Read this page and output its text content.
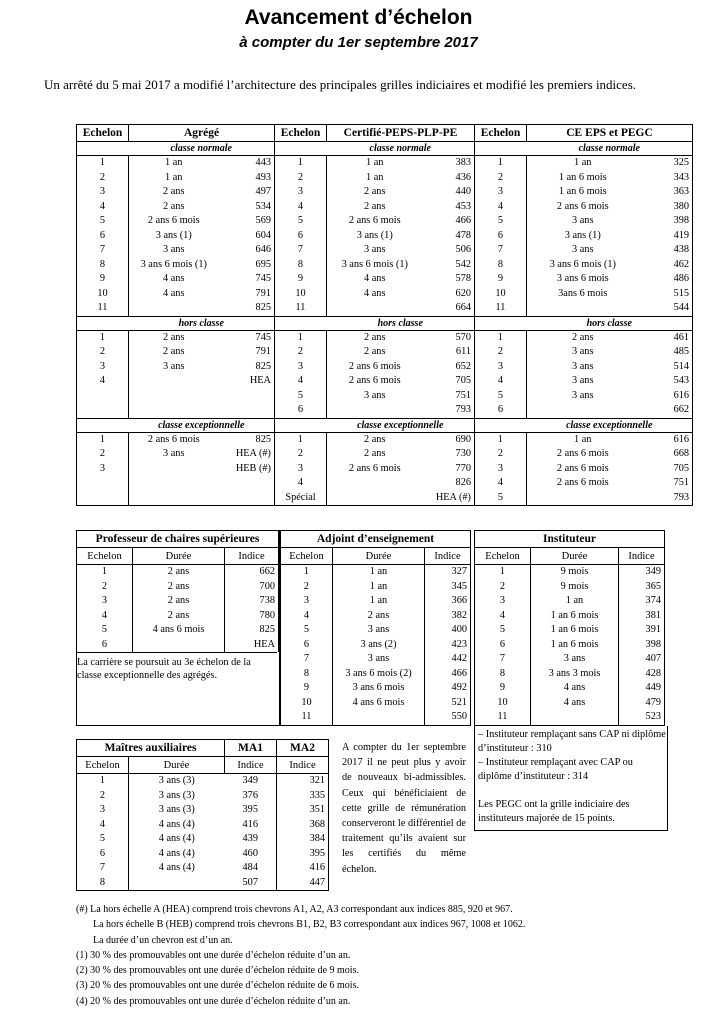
Avancement d’échelon
à compter du 1er septembre 2017
Un arrêté du 5 mai 2017 a modifié l’architecture des principales grilles indiciaires et modifié les premiers indices.
Echelon	Agrégé		Echelon	Certifié-PEPS-PLP-PE		Echelon	CE EPS et PEGC	
	classe normale			classe normale			classe normale	
1	1 an	443	1	1 an	383	1	1 an	325
2	1 an	493	2	1 an	436	2	1 an 6 mois	343
3	2 ans	497	3	2 ans	440	3	1 an 6 mois	363
4	2 ans	534	4	2 ans	453	4	2 ans 6 mois	380
5	2 ans 6 mois	569	5	2 ans 6 mois	466	5	3 ans	398
6	3 ans (1)	604	6	3 ans (1)	478	6	3 ans (1)	419
7	3 ans	646	7	3 ans	506	7	3 ans	438
8	3 ans 6 mois (1)	695	8	3 ans 6 mois (1)	542	8	3 ans 6 mois (1)	462
9	4 ans	745	9	4 ans	578	9	3 ans 6 mois	486
10	4 ans	791	10	4 ans	620	10	3ans 6 mois	515
11		825	11		664	11		544
	hors classe			hors classe			hors classe	
1	2 ans	745	1	2 ans	570	1	2 ans	461
2	2 ans	791	2	2 ans	611	2	3 ans	485
3	3 ans	825	3	2 ans 6 mois	652	3	3 ans	514
4		HEA	4	2 ans 6 mois	705	4	3 ans	543
			5	3 ans	751	5	3 ans	616
			6		793	6		662
	classe exceptionnelle			classe exceptionnelle			classe exceptionnelle	
1	2 ans 6 mois	825	1	2 ans	690	1	1 an	616
2	3 ans	HEA (#)	2	2 ans	730	2	2 ans 6 mois	668
3		HEB (#)	3	2 ans 6 mois	770	3	2 ans 6 mois	705
			4		826	4	2 ans 6 mois	751
			Spécial		HEA (#)	5		793
Professeur de chaires supérieures		
Echelon	Durée	Indice
1	2 ans	662
2	2 ans	700
3	2 ans	738
4	2 ans	780
5	4 ans 6 mois	825
6		HEA
La carrière se poursuit au 3e échelon de la classe exceptionnelle des agrégés.
Adjoint d’enseignement		
Echelon	Durée	Indice
1	1 an	327
2	1 an	345
3	1 an	366
4	2 ans	382
5	3 ans	400
6	3 ans (2)	423
7	3 ans	442
8	3 ans 6 mois (2)	466
9	3 ans 6 mois	492
10	4 ans 6 mois	521
11		550
Instituteur		
Echelon	Durée	Indice
1	9 mois	349
2	9 mois	365
3	1 an	374
4	1 an 6 mois	381
5	1 an 6 mois	391
6	1 an 6 mois	398
7	3 ans	407
8	3 ans 3 mois	428
9	4 ans	449
10	4 ans	479
11		523
– Instituteur remplaçant sans CAP ni diplôme d’instituteur : 310
– Instituteur remplaçant avec CAP ou diplôme d’instituteur : 314
Les PEGC ont la grille indiciaire des instituteurs majorée de 15 points.
Maîtres auxiliaires		MA1	MA2
Echelon	Durée	Indice	Indice
1	3 ans (3)	349	321
2	3 ans (3)	376	335
3	3 ans (3)	395	351
4	4 ans (4)	416	368
5	4 ans (4)	439	384
6	4 ans (4)	460	395
7	4 ans (4)	484	416
8		507	447
A compter du 1er septembre 2017 il ne peut plus y avoir de nouveaux bi-admissibles. Ceux qui bénéficiaient de cette grille de rémunération conserveront le différentiel de traitement qu’ils avaient sur les certifiés du même échelon.
(#) La hors échelle A (HEA) comprend trois chevrons A1, A2, A3 correspondant aux indices 885, 920 et 967.
La hors échelle B (HEB) comprend trois chevrons B1, B2, B3 correspondant aux indices 967, 1008 et 1062.
La durée d’un chevron est d’un an.
(1) 30 % des promouvables ont une durée d’échelon réduite d’un an.
(2) 30 % des promouvables ont une durée d’échelon réduite de 9 mois.
(3) 20 % des promouvables ont une durée d’échelon réduite de 6 mois.
(4) 20 % des promouvables ont une durée d’échelon réduite d’un an.
